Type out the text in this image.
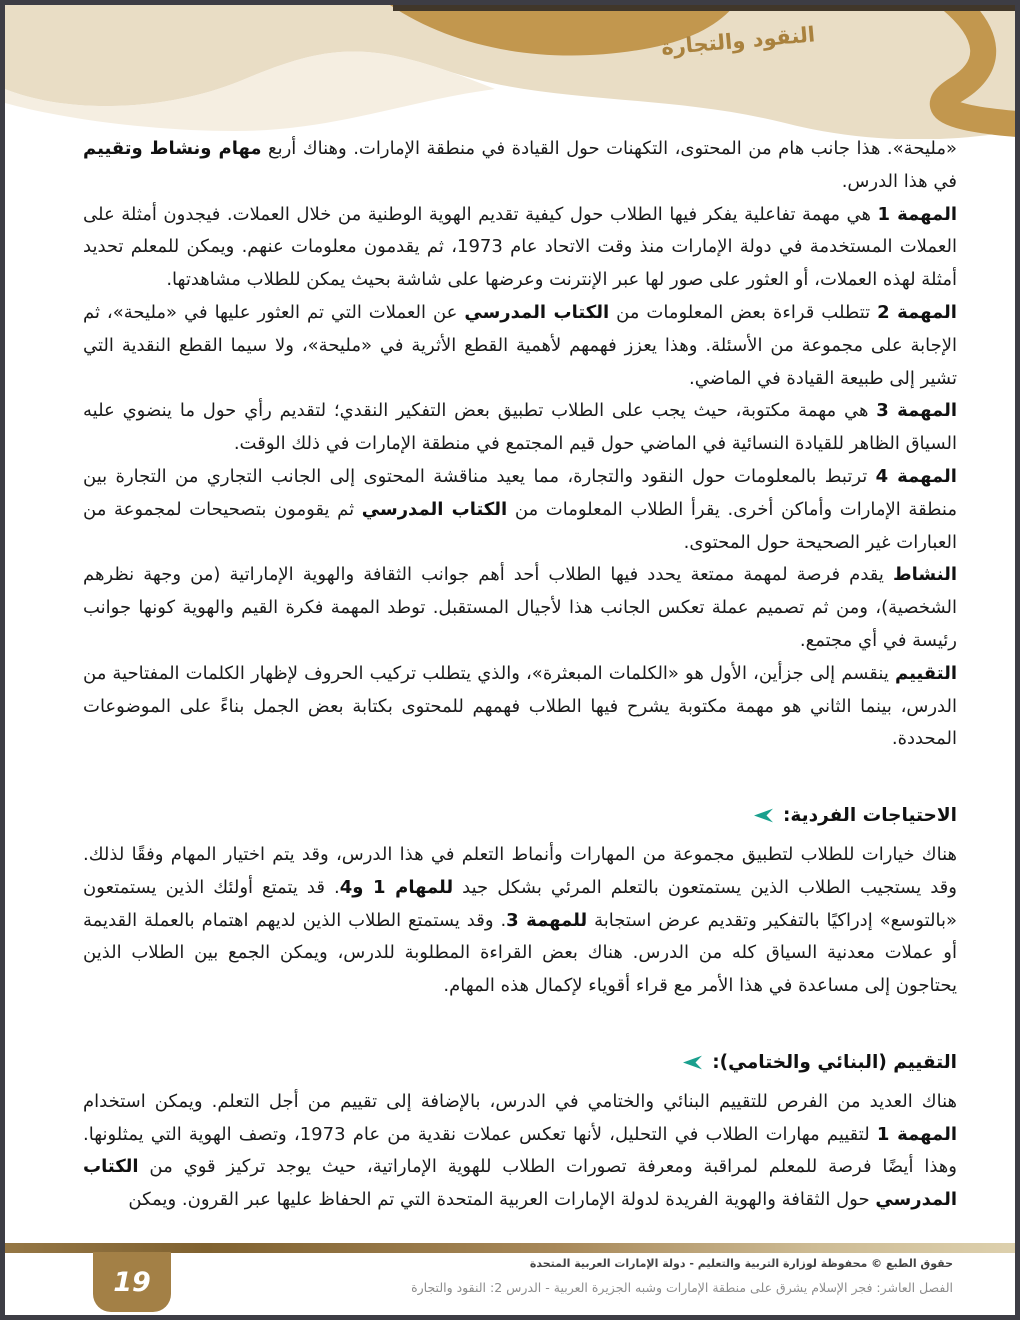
النقود والتجارة
«مليحة». هذا جانب هام من المحتوى، التكهنات حول القيادة في منطقة الإمارات. وهناك أربع مهام ونشاط وتقييم في هذا الدرس.
المهمة 1 هي مهمة تفاعلية يفكر فيها الطلاب حول كيفية تقديم الهوية الوطنية من خلال العملات. فيجدون أمثلة على العملات المستخدمة في دولة الإمارات منذ وقت الاتحاد عام 1973، ثم يقدمون معلومات عنهم. ويمكن للمعلم تحديد أمثلة لهذه العملات، أو العثور على صور لها عبر الإنترنت وعرضها على شاشة بحيث يمكن للطلاب مشاهدتها.
المهمة 2 تتطلب قراءة بعض المعلومات من الكتاب المدرسي عن العملات التي تم العثور عليها في «مليحة»، ثم الإجابة على مجموعة من الأسئلة. وهذا يعزز فهمهم لأهمية القطع الأثرية في «مليحة»، ولا سيما القطع النقدية التي تشير إلى طبيعة القيادة في الماضي.
المهمة 3 هي مهمة مكتوبة، حيث يجب على الطلاب تطبيق بعض التفكير النقدي؛ لتقديم رأي حول ما ينضوي عليه السياق الظاهر للقيادة النسائية في الماضي حول قيم المجتمع في منطقة الإمارات في ذلك الوقت.
المهمة 4 ترتبط بالمعلومات حول النقود والتجارة، مما يعيد مناقشة المحتوى إلى الجانب التجاري من التجارة بين منطقة الإمارات وأماكن أخرى. يقرأ الطلاب المعلومات من الكتاب المدرسي ثم يقومون بتصحيحات لمجموعة من العبارات غير الصحيحة حول المحتوى.
النشاط يقدم فرصة لمهمة ممتعة يحدد فيها الطلاب أحد أهم جوانب الثقافة والهوية الإماراتية (من وجهة نظرهم الشخصية)، ومن ثم تصميم عملة تعكس الجانب هذا لأجيال المستقبل. توطد المهمة فكرة القيم والهوية كونها جوانب رئيسة في أي مجتمع.
التقييم ينقسم إلى جزأين، الأول هو «الكلمات المبعثرة»، والذي يتطلب تركيب الحروف لإظهار الكلمات المفتاحية من الدرس، بينما الثاني هو مهمة مكتوبة يشرح فيها الطلاب فهمهم للمحتوى بكتابة بعض الجمل بناءً على الموضوعات المحددة.
الاحتياجات الفردية:
هناك خيارات للطلاب لتطبيق مجموعة من المهارات وأنماط التعلم في هذا الدرس، وقد يتم اختيار المهام وفقًا لذلك. وقد يستجيب الطلاب الذين يستمتعون بالتعلم المرئي بشكل جيد للمهام 1 و4. قد يتمتع أولئك الذين يستمتعون «بالتوسع» إدراكيًا بالتفكير وتقديم عرض استجابة للمهمة 3. وقد يستمتع الطلاب الذين لديهم اهتمام بالعملة القديمة أو عملات معدنية السياق كله من الدرس. هناك بعض القراءة المطلوبة للدرس، ويمكن الجمع بين الطلاب الذين يحتاجون إلى مساعدة في هذا الأمر مع قراء أقوياء لإكمال هذه المهام.
التقييم (البنائي والختامي):
هناك العديد من الفرص للتقييم البنائي والختامي في الدرس، بالإضافة إلى تقييم من أجل التعلم. ويمكن استخدام المهمة 1 لتقييم مهارات الطلاب في التحليل، لأنها تعكس عملات نقدية من عام 1973، وتصف الهوية التي يمثلونها. وهذا أيضًا فرصة للمعلم لمراقبة ومعرفة تصورات الطلاب للهوية الإماراتية، حيث يوجد تركيز قوي من الكتاب المدرسي حول الثقافة والهوية الفريدة لدولة الإمارات العربية المتحدة التي تم الحفاظ عليها عبر القرون. ويمكن
19

حقوق الطبع © محفوظة لوزارة التربية والتعليم - دولة الإمارات العربية المتحدة

الفصل العاشر: فجر الإسلام يشرق على منطقة الإمارات وشبه الجزيرة العربية - الدرس 2: النقود والتجارة
